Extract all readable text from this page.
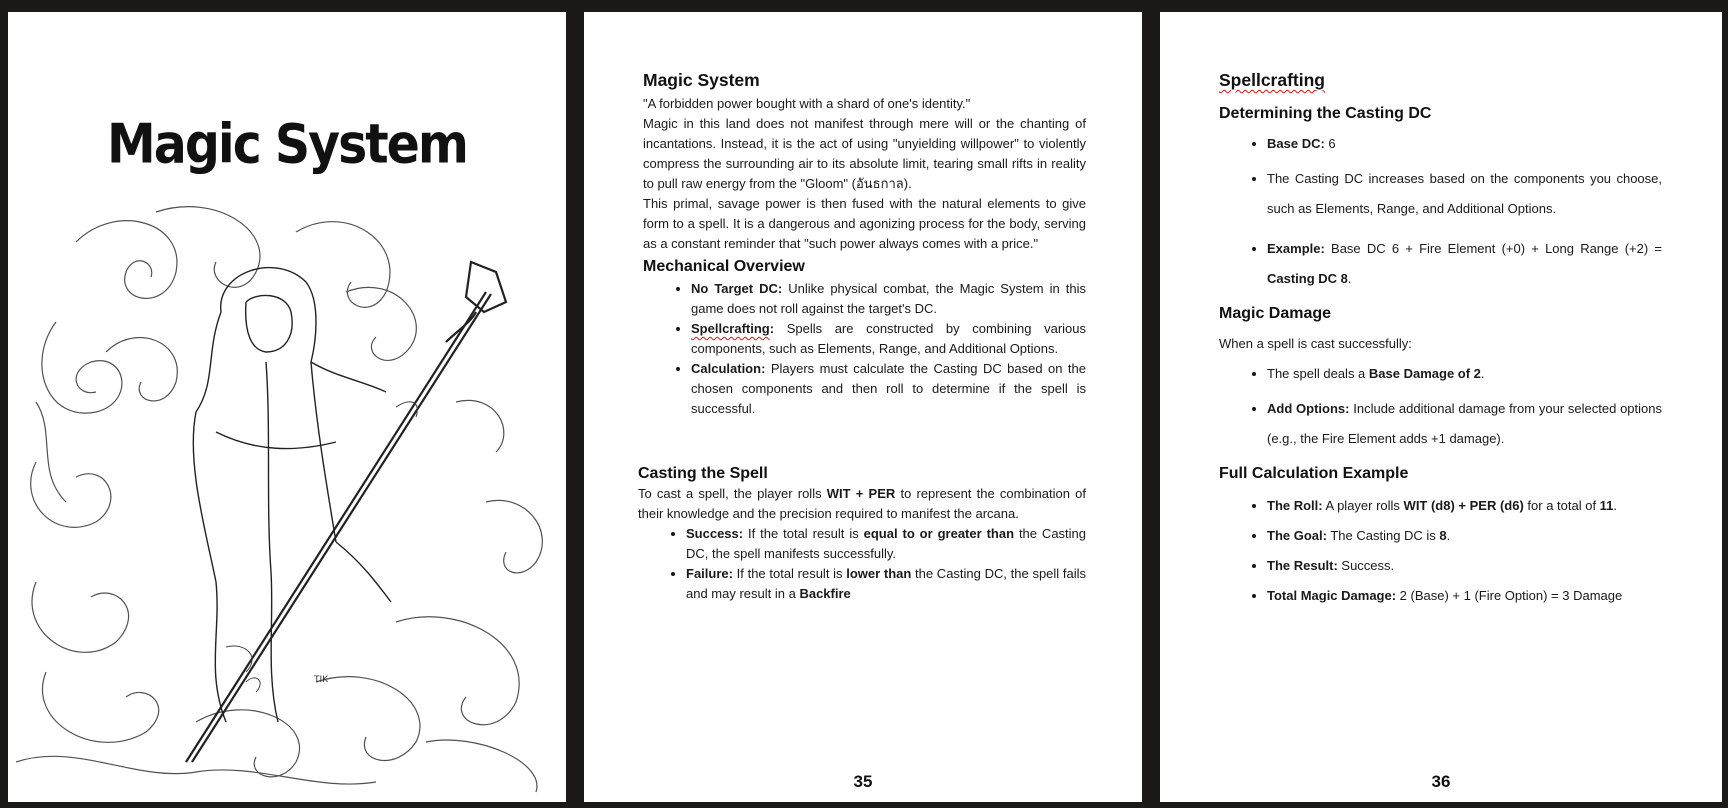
Magic System
TIK
Magic System

"A forbidden power bought with a shard of one's identity."

Magic in this land does not manifest through mere will or the chanting of incantations. Instead, it is the act of using "unyielding willpower" to violently compress the surrounding air to its absolute limit, tearing small rifts in reality to pull raw energy from the "Gloom" (อันธกาล).

This primal, savage power is then fused with the natural elements to give form to a spell. It is a dangerous and agonizing process for the body, serving as a constant reminder that "such power always comes with a price."

Mechanical Overview
• No Target DC: Unlike physical combat, the Magic System in this game does not roll against the target's DC.
• Spellcrafting: Spells are constructed by combining various components, such as Elements, Range, and Additional Options.
• Calculation: Players must calculate the Casting DC based on the chosen components and then roll to determine if the spell is successful.
Casting the Spell

To cast a spell, the player rolls WIT + PER to represent the combination of their knowledge and the precision required to manifest the arcana.

• Success: If the total result is equal to or greater than the Casting DC, the spell manifests successfully.
• Failure: If the total result is lower than the Casting DC, the spell fails and may result in a Backfire
35
Spellcrafting
Determining the Casting DC
• Base DC: 6
• The Casting DC increases based on the components you choose, such as Elements, Range, and Additional Options.
• Example: Base DC 6 + Fire Element (+0) + Long Range (+2) = Casting DC 8.
Magic Damage

When a spell is cast successfully:

• The spell deals a Base Damage of 2.
• Add Options: Include additional damage from your selected options (e.g., the Fire Element adds +1 damage).
Full Calculation Example
• The Roll: A player rolls WIT (d8) + PER (d6) for a total of 11.
• The Goal: The Casting DC is 8.
• The Result: Success.
• Total Magic Damage: 2 (Base) + 1 (Fire Option) = 3 Damage
36
